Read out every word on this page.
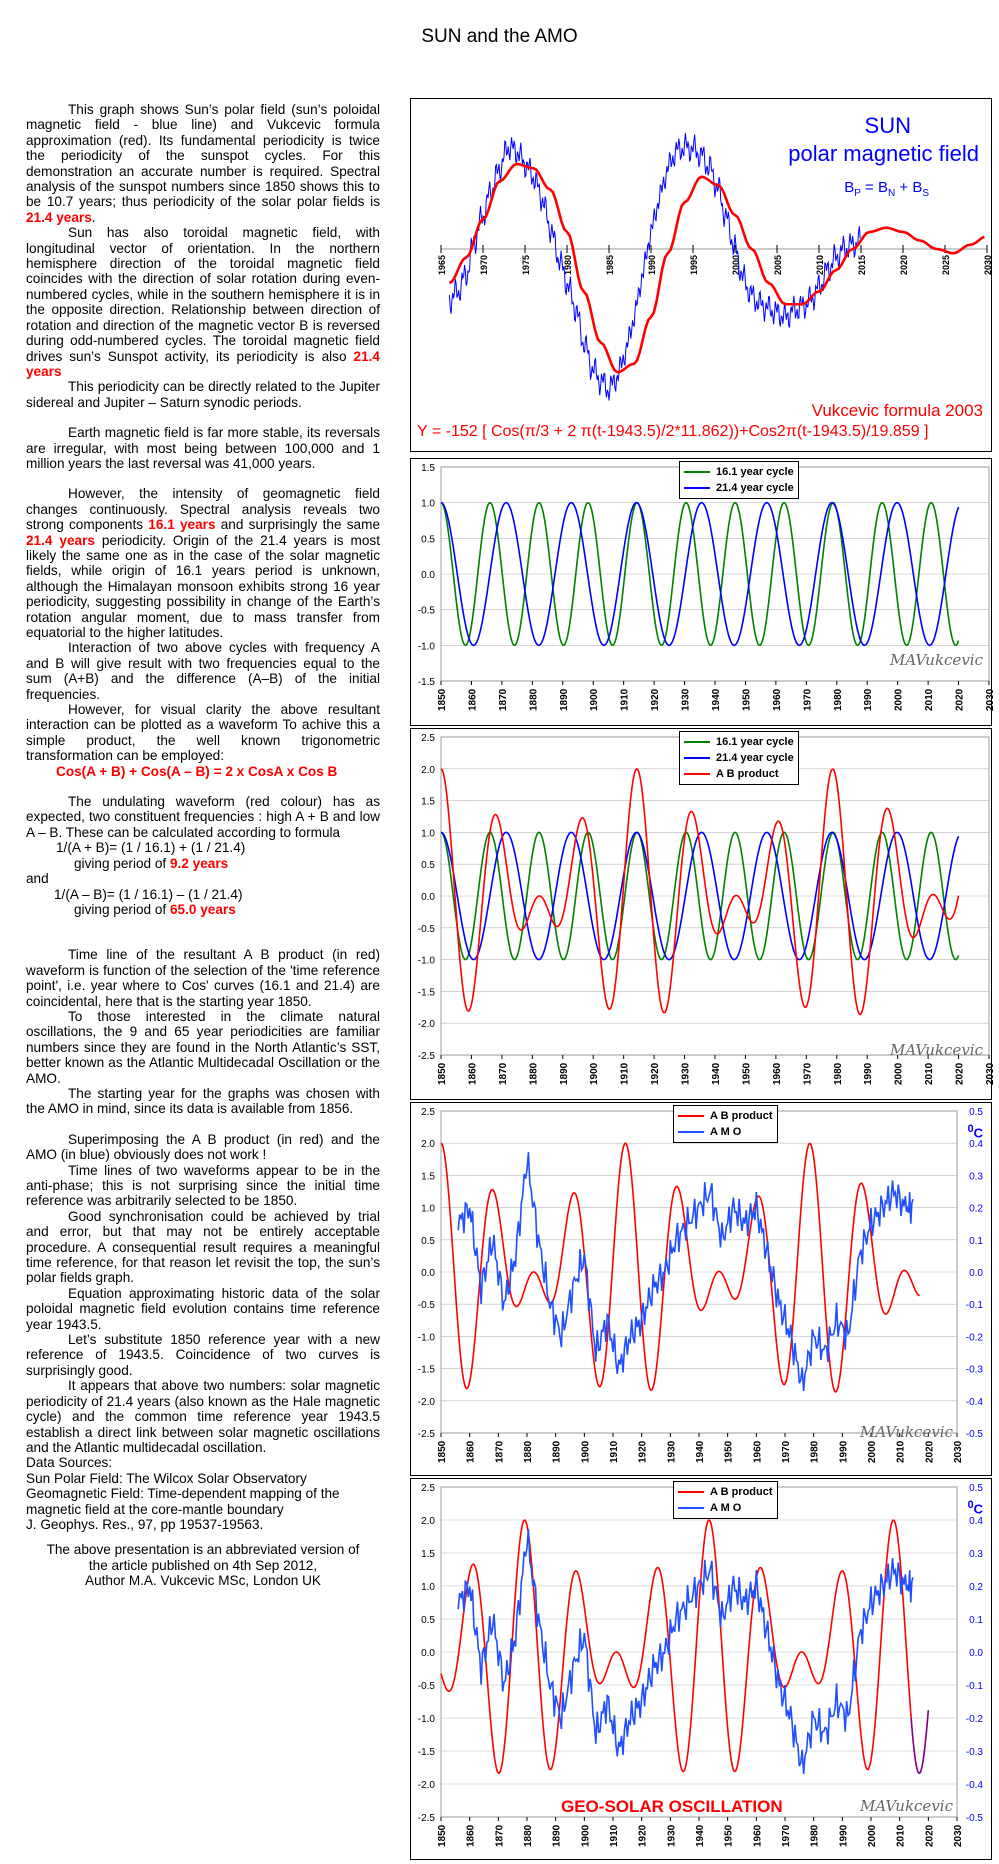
SUN and the AMO

This graph shows Sun’s polar field (sun’s poloidal magnetic field - blue line) and Vukcevic formula approximation (red). Its fundamental periodicity is twice the periodicity of the sunspot cycles. For this demonstration an accurate number is required. Spectral analysis of the sunspot numbers since 1850 shows this to be 10.7 years; thus periodicity of the solar polar fields is 21.4 years.

Sun has also toroidal magnetic field, with longitudinal vector of orientation. In the northern hemisphere direction of the toroidal magnetic field coincides with the direction of solar rotation during even-numbered cycles, while in the southern hemisphere it is in the opposite direction. Relationship between direction of rotation and direction of the magnetic vector B is reversed during odd-numbered cycles. The toroidal magnetic field drives sun’s Sunspot activity, its periodicity is also 21.4 years

This periodicity can be directly related to the Jupiter sidereal and Jupiter – Saturn synodic periods.

Earth magnetic field is far more stable, its reversals are irregular, with most being between 100,000 and 1 million years the last reversal was 41,000 years.

However, the intensity of geomagnetic field changes continuously. Spectral analysis reveals two strong components 16.1 years and surprisingly the same 21.4 years periodicity. Origin of the 21.4 years is most likely the same one as in the case of the solar magnetic fields, while origin of 16.1 years period is unknown, although the Himalayan monsoon exhibits strong 16 year periodicity, suggesting possibility in change of the Earth’s rotation angular moment, due to mass transfer from equatorial to the higher latitudes.

Interaction of two above cycles with frequency A and B will give result with two frequencies equal to the sum (A+B) and the difference (A–B) of the initial frequencies.

However, for visual clarity the above resultant interaction can be plotted as a waveform To achive this a simple product, the well known trigonometric transformation can be employed:

Cos(A + B) + Cos(A – B) = 2 x CosA x Cos B

The undulating waveform (red colour) has as expected, two constituent frequencies : high A + B and low A – B. These can be calculated according to formula

1/(A + B)= (1 / 16.1) + (1 / 21.4)

giving period of 9.2 years

and

1/(A – B)= (1 / 16.1) – (1 / 21.4)

giving period of 65.0 years

Time line of the resultant A B product (in red) waveform is function of the selection of the 'time reference point', i.e. year where to Cos' curves (16.1 and 21.4) are coincidental, here that is the starting year 1850.

To those interested in the climate natural oscillations, the 9 and 65 year periodicities are familiar numbers since they are found in the North Atlantic’s SST, better known as the Atlantic Multidecadal Oscillation or the AMO.

The starting year for the graphs was chosen with the AMO in mind, since its data is available from 1856.

Superimposing the A B product (in red) and the AMO (in blue) obviously does not work !

Time lines of two waveforms appear to be in the anti-phase; this is not surprising since the initial time reference was arbitrarily selected to be 1850.

Good synchronisation could be achieved by trial and error, but that may not be entirely acceptable procedure. A consequential result requires a meaningful time reference, for that reason let revisit the top, the sun’s polar fields graph.

Equation approximating historic data of the solar poloidal magnetic field evolution contains time reference year 1943.5.

Let’s substitute 1850 reference year with a new reference of 1943.5. Coincidence of two curves is surprisingly good.

It appears that above two numbers: solar magnetic periodicity of 21.4 years (also known as the Hale magnetic cycle) and the common time reference year 1943.5 establish a direct link between solar magnetic oscillations and the Atlantic multidecadal oscillation.

Data Sources:

Sun Polar Field: The Wilcox Solar Observatory

Geomagnetic Field: Time-dependent mapping of the magnetic field at the core-mantle boundary

J. Geophys. Res., 97, pp 19537-19563.

The above presentation is an abbreviated version of

the article published on 4th Sep 2012,

Author M.A. Vukcevic MSc, London UK

1965	1970	1975	1980	1985	1990	1995	2000	2005	2010	2015	2020	2025	2030
SUN
polar magnetic field
$B_P = B_N + B_S$
Vukcevic formula 2003
Y = -152 [ Cos(π/3 + 2 π(t-1943.5)/2*11.862))+Cos2π(t-1943.5)/19.859 ]
1.5
1.0
0.5
0.0
-0.5
-1.0
-1.5
1850 1860 1870 1880 1890 1900 1910 1920 1930 1940 1950 1960 1970 1980 1990 2000 2010 2020 2030
16.1 year cycle
21.4 year cycle
MAVukcevic
2.5
2.0
1.5
1.0
0.5
0.0
-0.5
-1.0
-1.5
-2.0
-2.5
1850 1860 1870 1880 1890 1900 1910 1920 1930 1940 1950 1960 1970 1980 1990 2000 2010 2020 2030
16.1 year cycle
21.4 year cycle
A B product
MAVukcevic
2.5
2.0
1.5
1.0
0.5
0.0
-0.5
-1.0
-1.5
-2.0
-2.5
0.5
0.4
0.3
0.2
0.1
0.0
-0.1
-0.2
-0.3
-0.4
-0.5
1850 1860 1870 1880 1890 1900 1910 1920 1930 1940 1950 1960 1970 1980 1990 2000 2010 2020 2030
A B product
A M O	$^0$C
MAVukcevic
2.5
2.0
1.5
1.0
0.5
0.0
-0.5
-1.0
-1.5
-2.0
-2.5
0.5
0.4
0.3
0.2
0.1
0.0
-0.1
-0.2
-0.3
-0.4
-0.5
1850 1860 1870 1880 1890 1900 1910 1920 1930 1940 1950 1960 1970 1980 1990 2000 2010 2020 2030
A B product
A M O	$^0$C
GEO-SOLAR OSCILLATION	MAVukcevic
